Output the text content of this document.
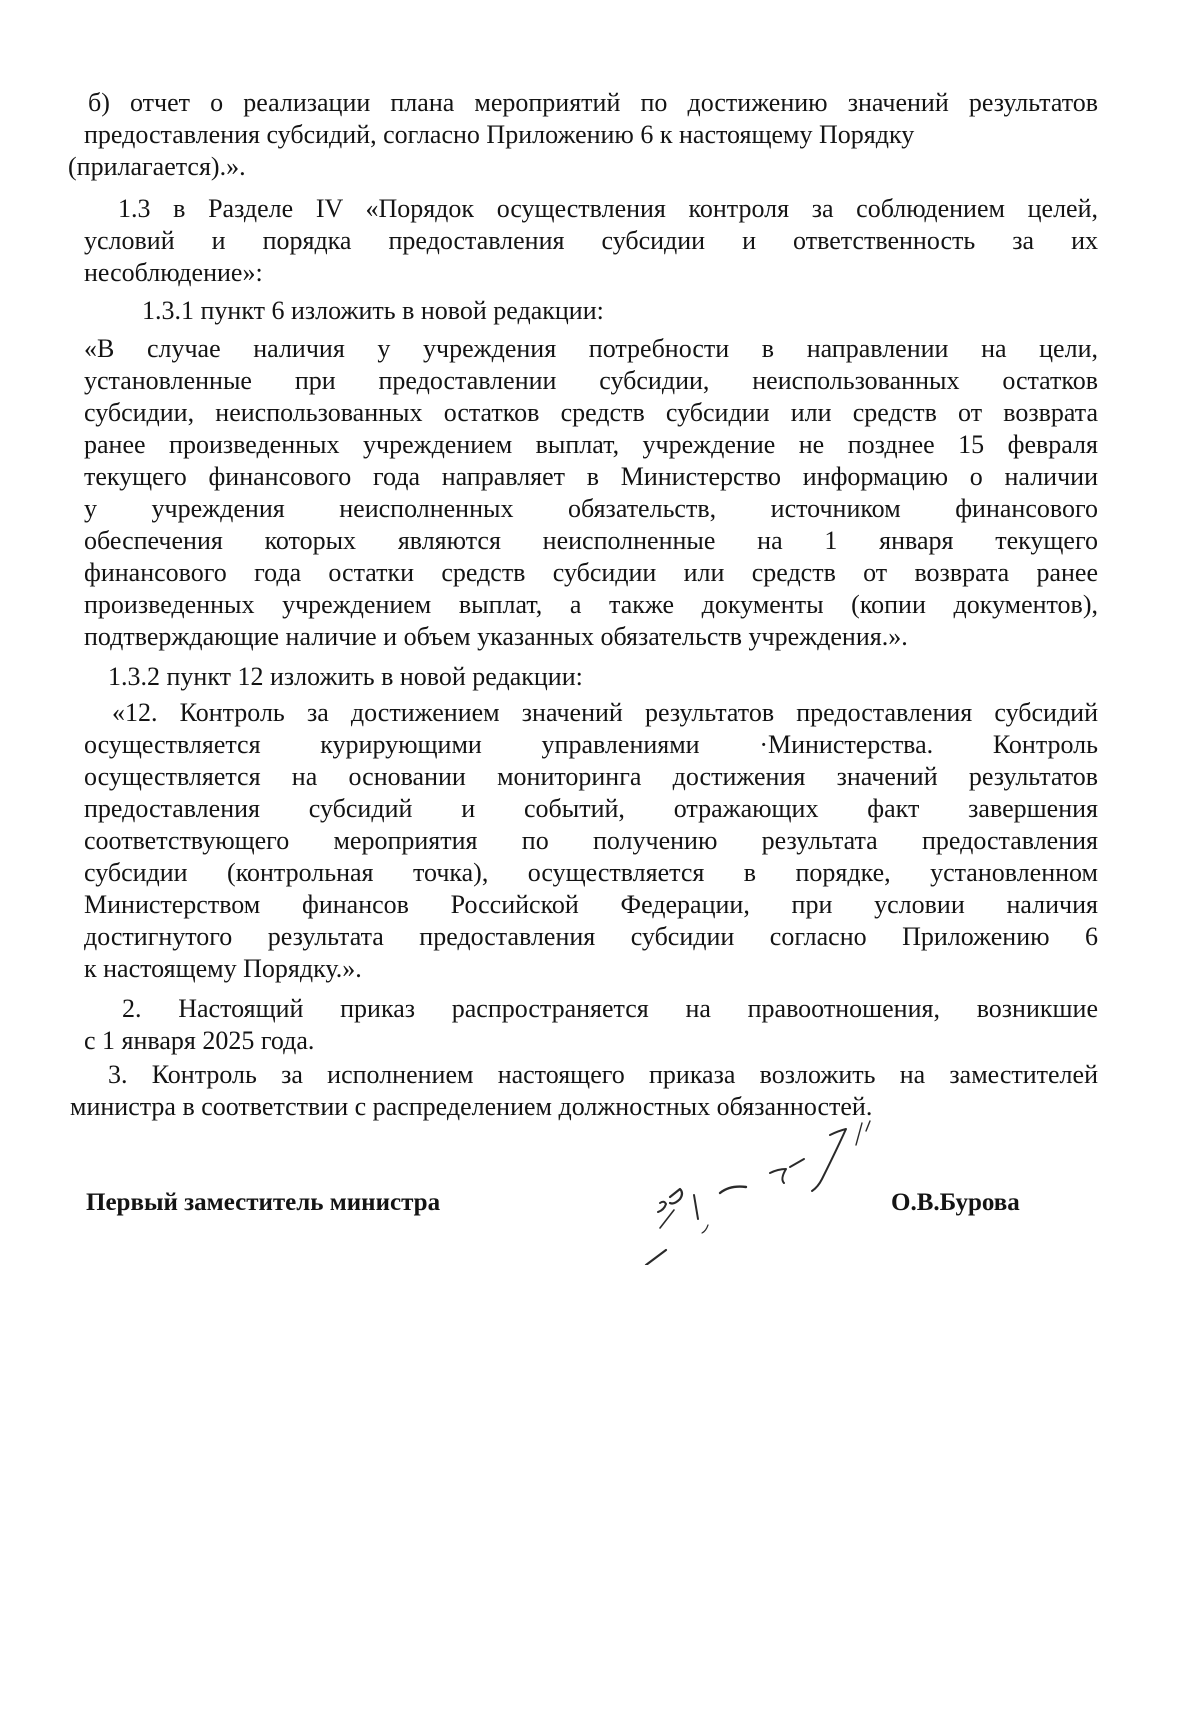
б) отчет о реализации плана мероприятий по достижению значений результатов
предоставления субсидий, согласно Приложению 6 к настоящему Порядку
(прилагается).».
1.3 в Разделе IV «Порядок осуществления контроля за соблюдением целей,
условий и порядка предоставления субсидии и ответственность за их
несоблюдение»:
1.3.1 пункт 6 изложить в новой редакции:
«В случае наличия у учреждения потребности в направлении на цели,
установленные при предоставлении субсидии, неиспользованных остатков
субсидии, неиспользованных остатков средств субсидии или средств от возврата
ранее произведенных учреждением выплат, учреждение не позднее 15 февраля
текущего финансового года направляет в Министерство информацию о наличии
у учреждения неисполненных обязательств, источником финансового
обеспечения которых являются неисполненные на 1 января текущего
финансового года остатки средств субсидии или средств от возврата ранее
произведенных учреждением выплат, а также документы (копии документов),
подтверждающие наличие и объем указанных обязательств учреждения.».
1.3.2 пункт 12 изложить в новой редакции:
«12. Контроль за достижением значений результатов предоставления субсидий
осуществляется курирующими управлениями ·Министерства. Контроль
осуществляется на основании мониторинга достижения значений результатов
предоставления субсидий и событий, отражающих факт завершения
соответствующего мероприятия по получению результата предоставления
субсидии (контрольная точка), осуществляется в порядке, установленном
Министерством финансов Российской Федерации, при условии наличия
достигнутого результата предоставления субсидии согласно Приложению 6
к настоящему Порядку.».
2. Настоящий приказ распространяется на правоотношения, возникшие
с 1 января 2025 года.
3. Контроль за исполнением настоящего приказа возложить на заместителей
министра в соответствии с распределением должностных обязанностей.
Первый заместитель министра	О.В.Бурова
